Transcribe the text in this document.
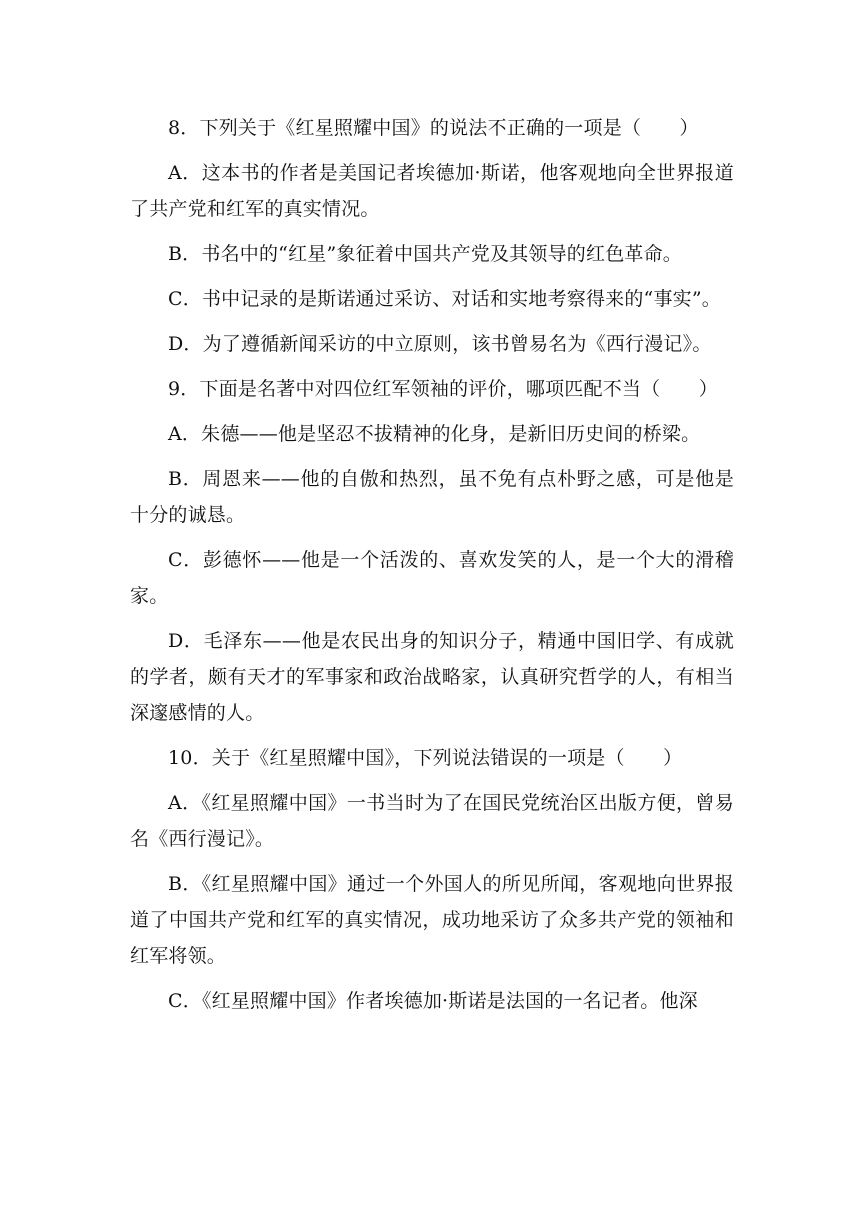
8．下列关于《红星照耀中国》的说法不正确的一项是（　　）

A．这本书的作者是美国记者埃德加·斯诺，他客观地向全世界报道了共产党和红军的真实情况。

B．书名中的“红星”象征着中国共产党及其领导的红色革命。

C．书中记录的是斯诺通过采访、对话和实地考察得来的“事实”。

D．为了遵循新闻采访的中立原则，该书曾易名为《西行漫记》。

9．下面是名著中对四位红军领袖的评价，哪项匹配不当（　　）

A．朱德——他是坚忍不拔精神的化身，是新旧历史间的桥梁。

B．周恩来——他的自傲和热烈，虽不免有点朴野之感，可是他是十分的诚恳。

C．彭德怀——他是一个活泼的、喜欢发笑的人，是一个大的滑稽家。

D．毛泽东——他是农民出身的知识分子，精通中国旧学、有成就的学者，颇有天才的军事家和政治战略家，认真研究哲学的人，有相当深邃感情的人。

10．关于《红星照耀中国》，下列说法错误的一项是（　　）

A．《红星照耀中国》一书当时为了在国民党统治区出版方便，曾易名《西行漫记》。

B．《红星照耀中国》通过一个外国人的所见所闻，客观地向世界报道了中国共产党和红军的真实情况，成功地采访了众多共产党的领袖和红军将领。

C．《红星照耀中国》作者埃德加·斯诺是法国的一名记者。他深
